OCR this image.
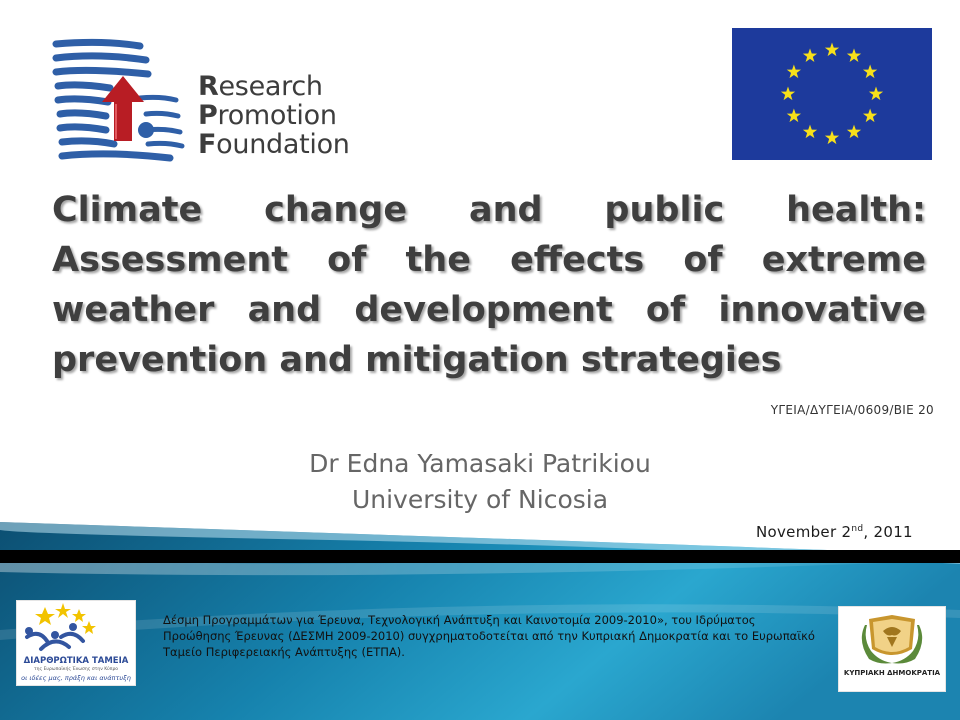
Research
Promotion
Foundation
Climate change and public health: Assessment of the effects of extreme weather and development of innovative prevention and mitigation strategies
ΥΓΕΙΑ/ΔΥΓΕΙΑ/0609/BIE 20
Dr Edna Yamasaki Patrikiou
University of Nicosia
November 2nd, 2011
ΔΙΑΡΘΡΩΤΙΚΑ ΤΑΜΕΙΑ
της Ευρωπαϊκής Ένωσης στην Κύπρο
οι ιδέες μας, πράξη και ανάπτυξη

Δέσμη Προγραμμάτων για Έρευνα, Τεχνολογική Ανάπτυξη και Καινοτομία 2009-2010», του Ιδρύματος Προώθησης Έρευνας (ΔΕΣΜΗ 2009-2010) συγχρηματοδοτείται από την Κυπριακή Δημοκρατία και το Ευρωπαϊκό Ταμείο Περιφερειακής Ανάπτυξης (ΕΤΠΑ).

ΚΥΠΡΙΑΚΗ ΔΗΜΟΚΡΑΤΙΑ
